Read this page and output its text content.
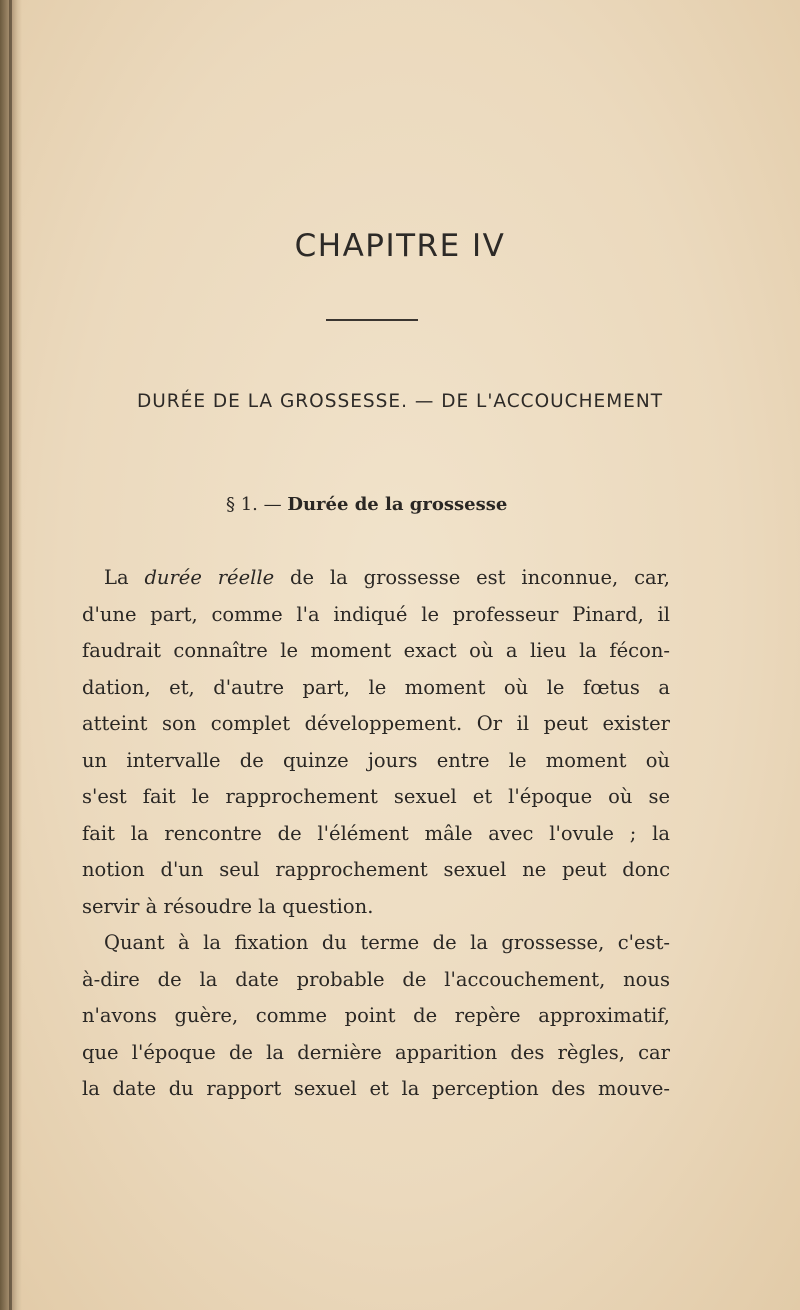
CHAPITRE IV
DURÉE DE LA GROSSESSE. — DE L'ACCOUCHEMENT
§ 1. — Durée de la grossesse
La durée réelle de la grossesse est inconnue, car,
d'une part, comme l'a indiqué le professeur Pinard, il
faudrait connaître le moment exact où a lieu la fécon-
dation, et, d'autre part, le moment où le fœtus a
atteint son complet développement. Or il peut exister
un intervalle de quinze jours entre le moment où
s'est fait le rapprochement sexuel et l'époque où se
fait la rencontre de l'élément mâle avec l'ovule ; la
notion d'un seul rapprochement sexuel ne peut donc
servir à résoudre la question.
Quant à la fixation du terme de la grossesse, c'est-
à-dire de la date probable de l'accouchement, nous
n'avons guère, comme point de repère approximatif,
que l'époque de la dernière apparition des règles, car
la date du rapport sexuel et la perception des mouve-
